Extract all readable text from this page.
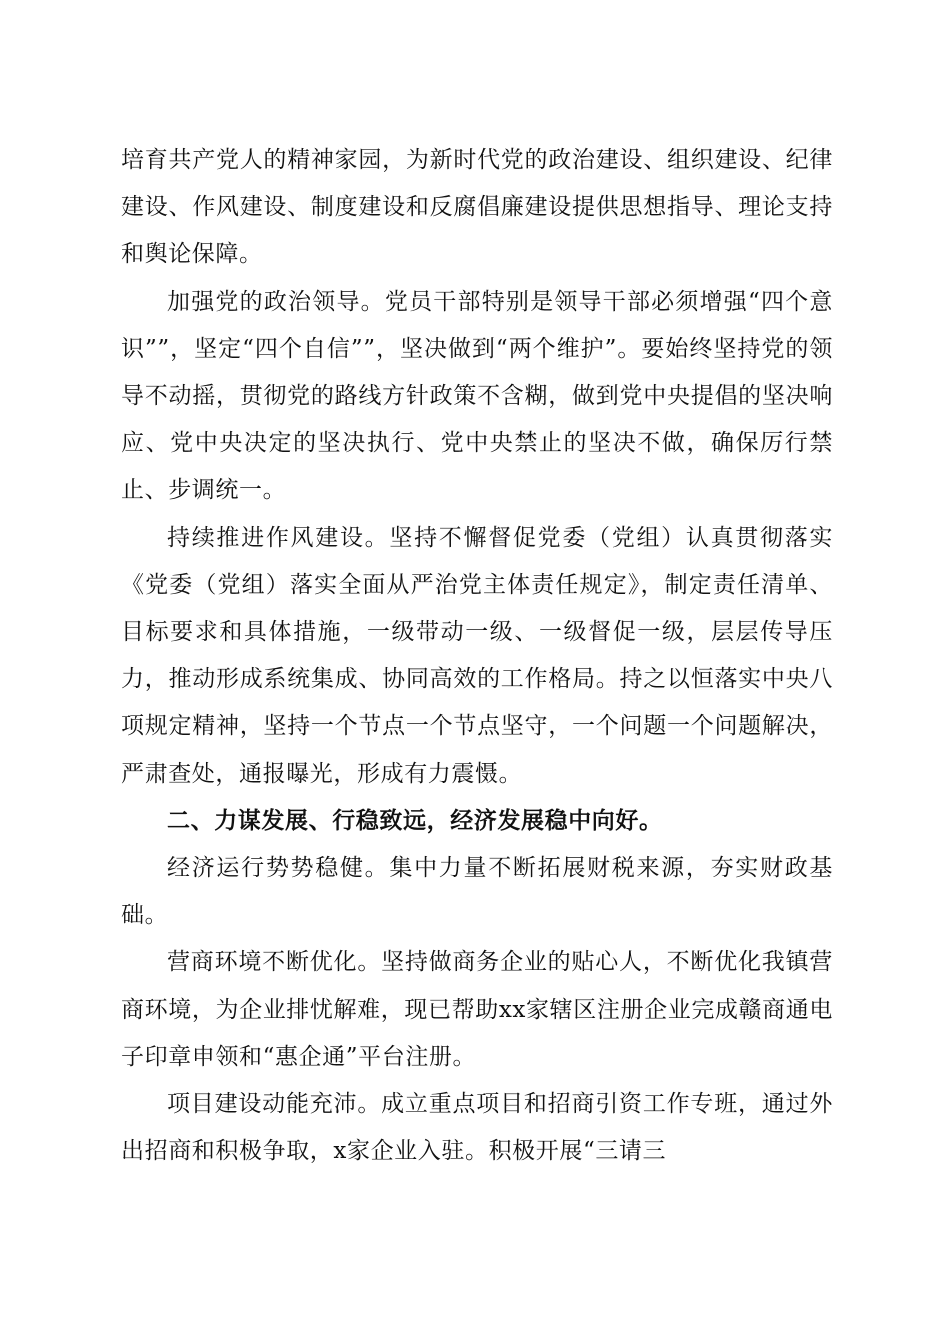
培育共产党人的精神家园，为新时代党的政治建设、组织建设、纪律建设、作风建设、制度建设和反腐倡廉建设提供思想指导、理论支持和舆论保障。

加强党的政治领导。党员干部特别是领导干部必须增强“四个意识””，坚定“四个自信””，坚决做到“两个维护”。要始终坚持党的领导不动摇，贯彻党的路线方针政策不含糊，做到党中央提倡的坚决响应、党中央决定的坚决执行、党中央禁止的坚决不做，确保厉行禁止、步调统一。

持续推进作风建设。坚持不懈督促党委（党组）认真贯彻落实《党委（党组）落实全面从严治党主体责任规定》，制定责任清单、目标要求和具体措施，一级带动一级、一级督促一级，层层传导压力，推动形成系统集成、协同高效的工作格局。持之以恒落实中央八项规定精神，坚持一个节点一个节点坚守，一个问题一个问题解决，严肃查处，通报曝光，形成有力震慑。

二、力谋发展、行稳致远，经济发展稳中向好。

经济运行势势稳健。集中力量不断拓展财税来源，夯实财政基础。

营商环境不断优化。坚持做商务企业的贴心人，不断优化我镇营商环境，为企业排忧解难，现已帮助xx家辖区注册企业完成赣商通电子印章申领和“惠企通”平台注册。

项目建设动能充沛。成立重点项目和招商引资工作专班，通过外出招商和积极争取，x家企业入驻。积极开展“三请三
